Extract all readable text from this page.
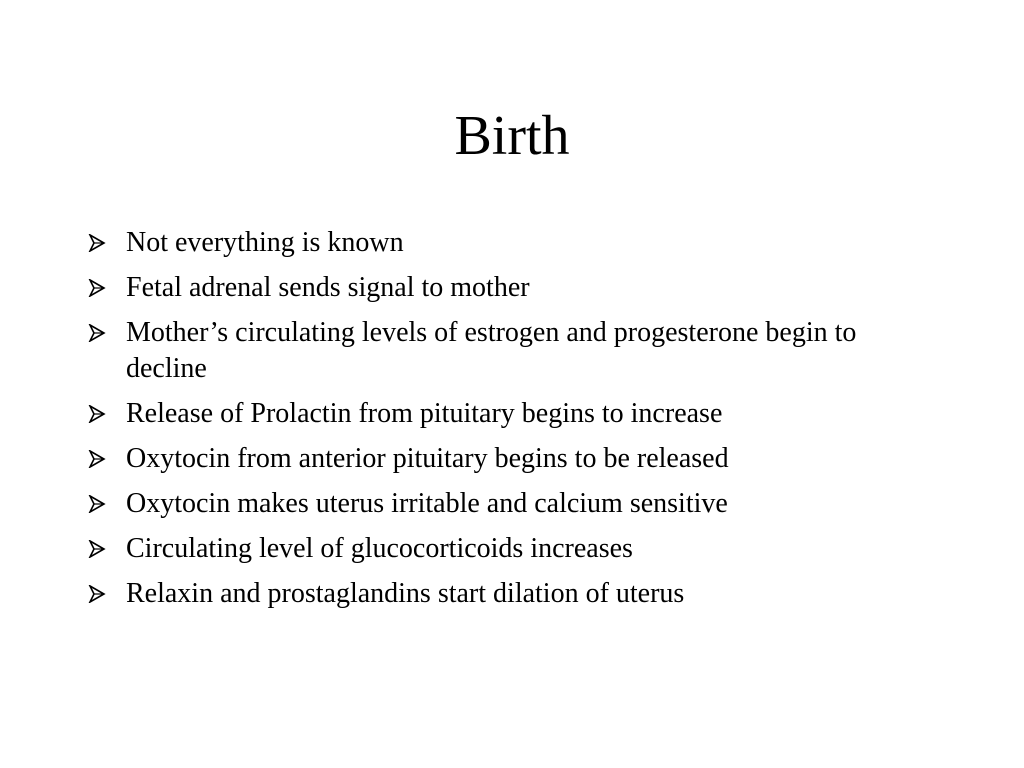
Birth
Not everything is known
Fetal adrenal sends signal to mother
Mother’s circulating levels of estrogen and progesterone begin to decline
Release of Prolactin from pituitary begins to increase
Oxytocin from anterior pituitary begins to be released
Oxytocin makes uterus irritable and calcium sensitive
Circulating level of glucocorticoids increases
Relaxin and prostaglandins start dilation of uterus
